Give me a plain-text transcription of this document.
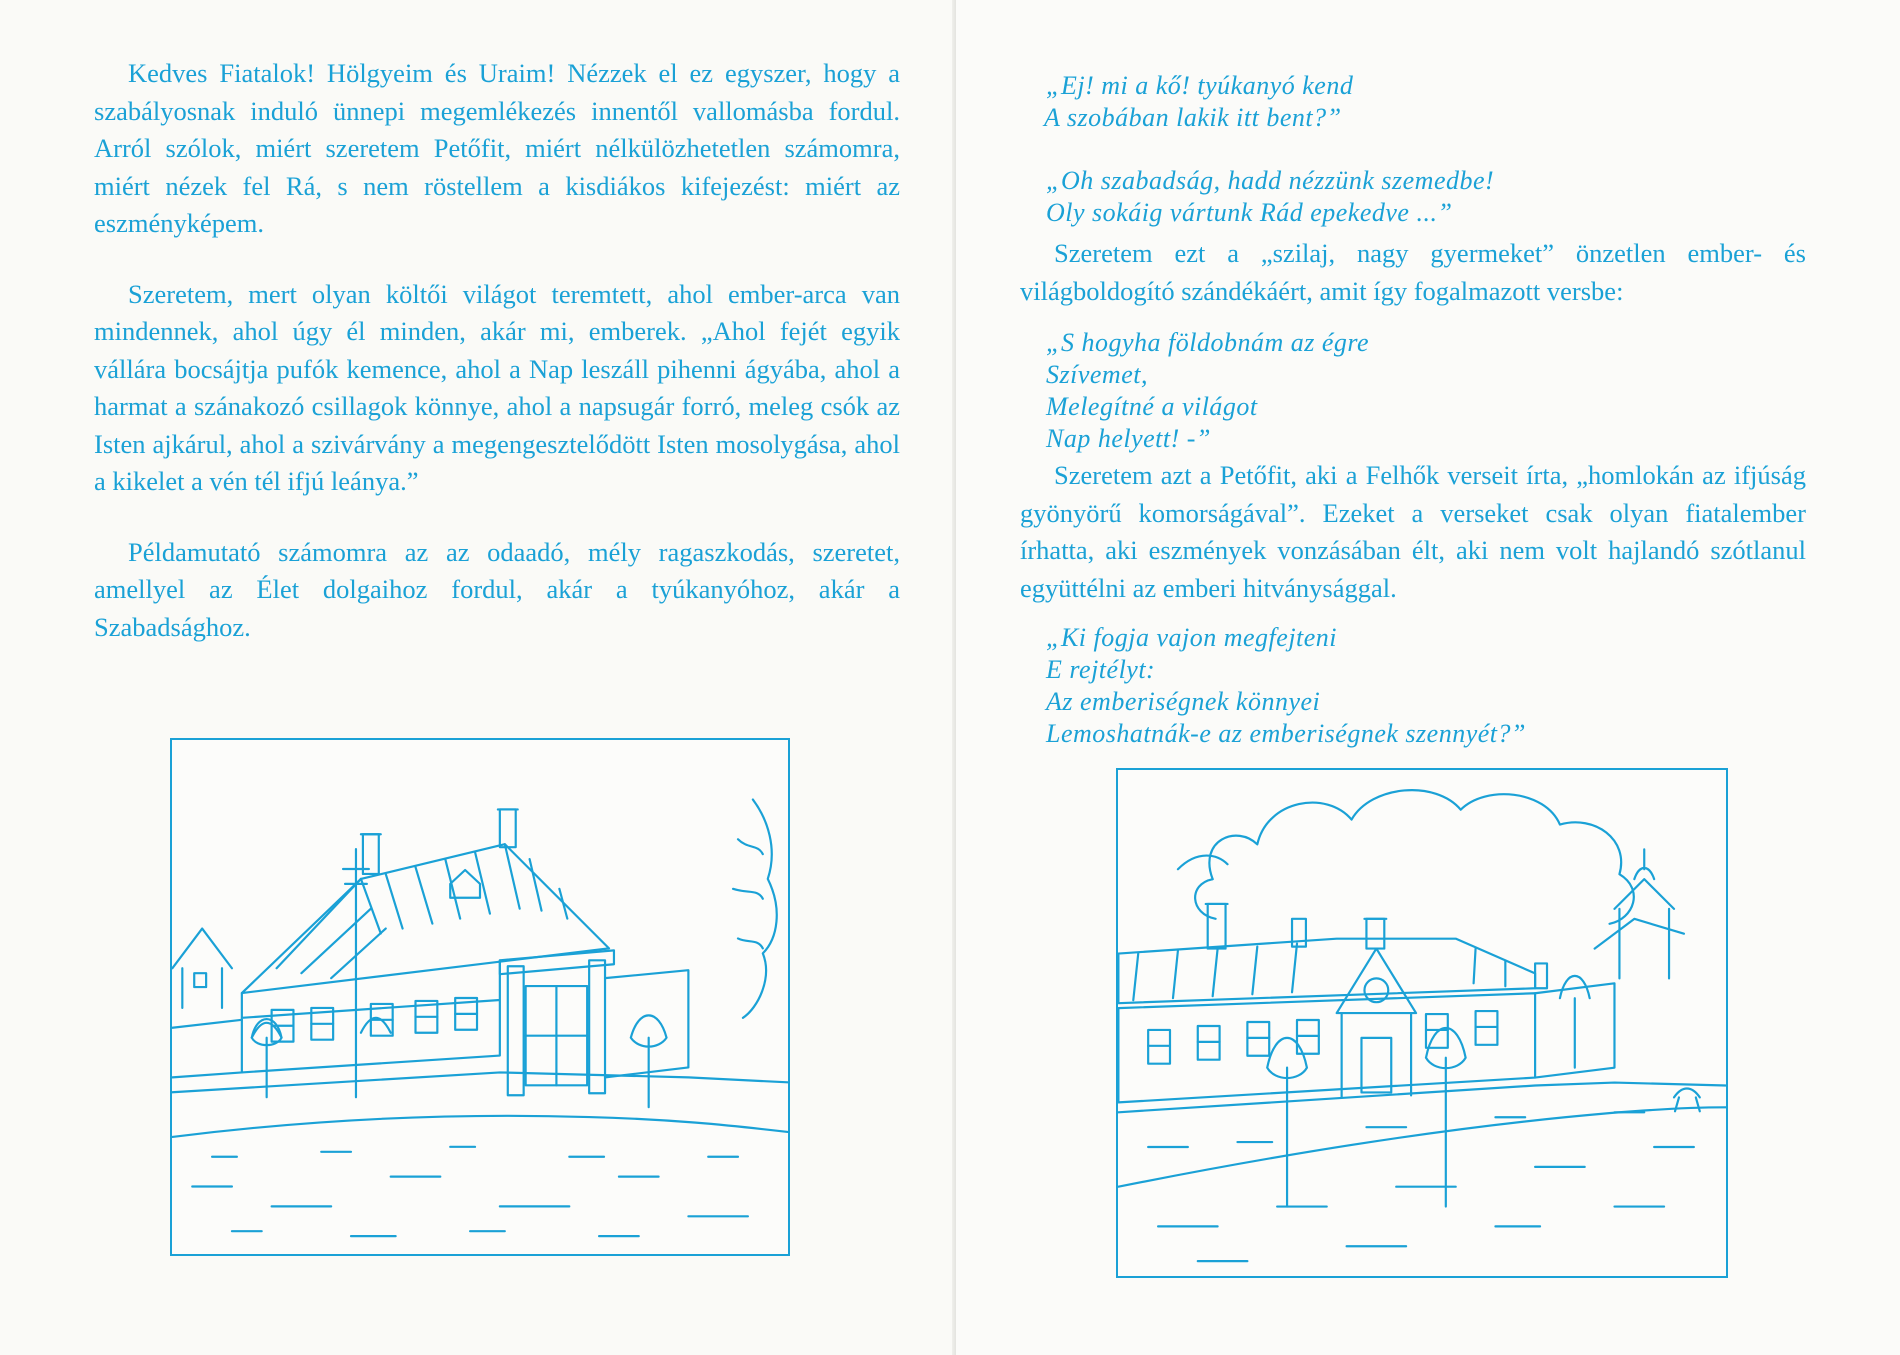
Kedves Fiatalok! Hölgyeim és Uraim! Nézzek el ez egyszer, hogy a szabályosnak induló ünnepi megemlékezés innentől vallomásba fordul. Arról szólok, miért szeretem Petőfit, miért nélkülözhetetlen számomra, miért nézek fel Rá, s nem röstellem a kisdiákos kifejezést: miért az eszményképem.

Szeretem, mert olyan költői világot teremtett, ahol ember-arca van mindennek, ahol úgy él minden, akár mi, emberek. „Ahol fejét egyik vállára bocsájtja pufók kemence, ahol a Nap leszáll pihenni ágyába, ahol a harmat a szánakozó csillagok könnye, ahol a napsugár forró, meleg csók az Isten ajkárul, ahol a szivárvány a megengesztelődött Isten mosolygása, ahol a kikelet a vén tél ifjú leánya.”

Példamutató számomra az az odaadó, mély ragaszkodás, szeretet, amellyel az Élet dolgaihoz fordul, akár a tyúkanyóhoz, akár a Szabadsághoz.

„Ej! mi a kő! tyúkanyó kend
A szobában lakik itt bent?”
„Oh szabadság, hadd nézzünk szemedbe!
Oly sokáig vártunk Rád epekedve ...”

Szeretem ezt a „szilaj, nagy gyermeket” önzetlen ember- és világboldogító szándékáért, amit így fogalmazott versbe:

„S hogyha földobnám az égre
Szívemet,
Melegítné a világot
Nap helyett! -”

Szeretem azt a Petőfit, aki a Felhők verseit írta, „homlokán az ifjúság gyönyörű komorságával”. Ezeket a verseket csak olyan fiatalember írhatta, aki eszmények vonzásában élt, aki nem volt hajlandó szótlanul együttélni az emberi hitványsággal.

„Ki fogja vajon megfejteni
E rejtélyt:
Az emberiségnek könnyei
Lemoshatnák-e az emberiségnek szennyét?”
